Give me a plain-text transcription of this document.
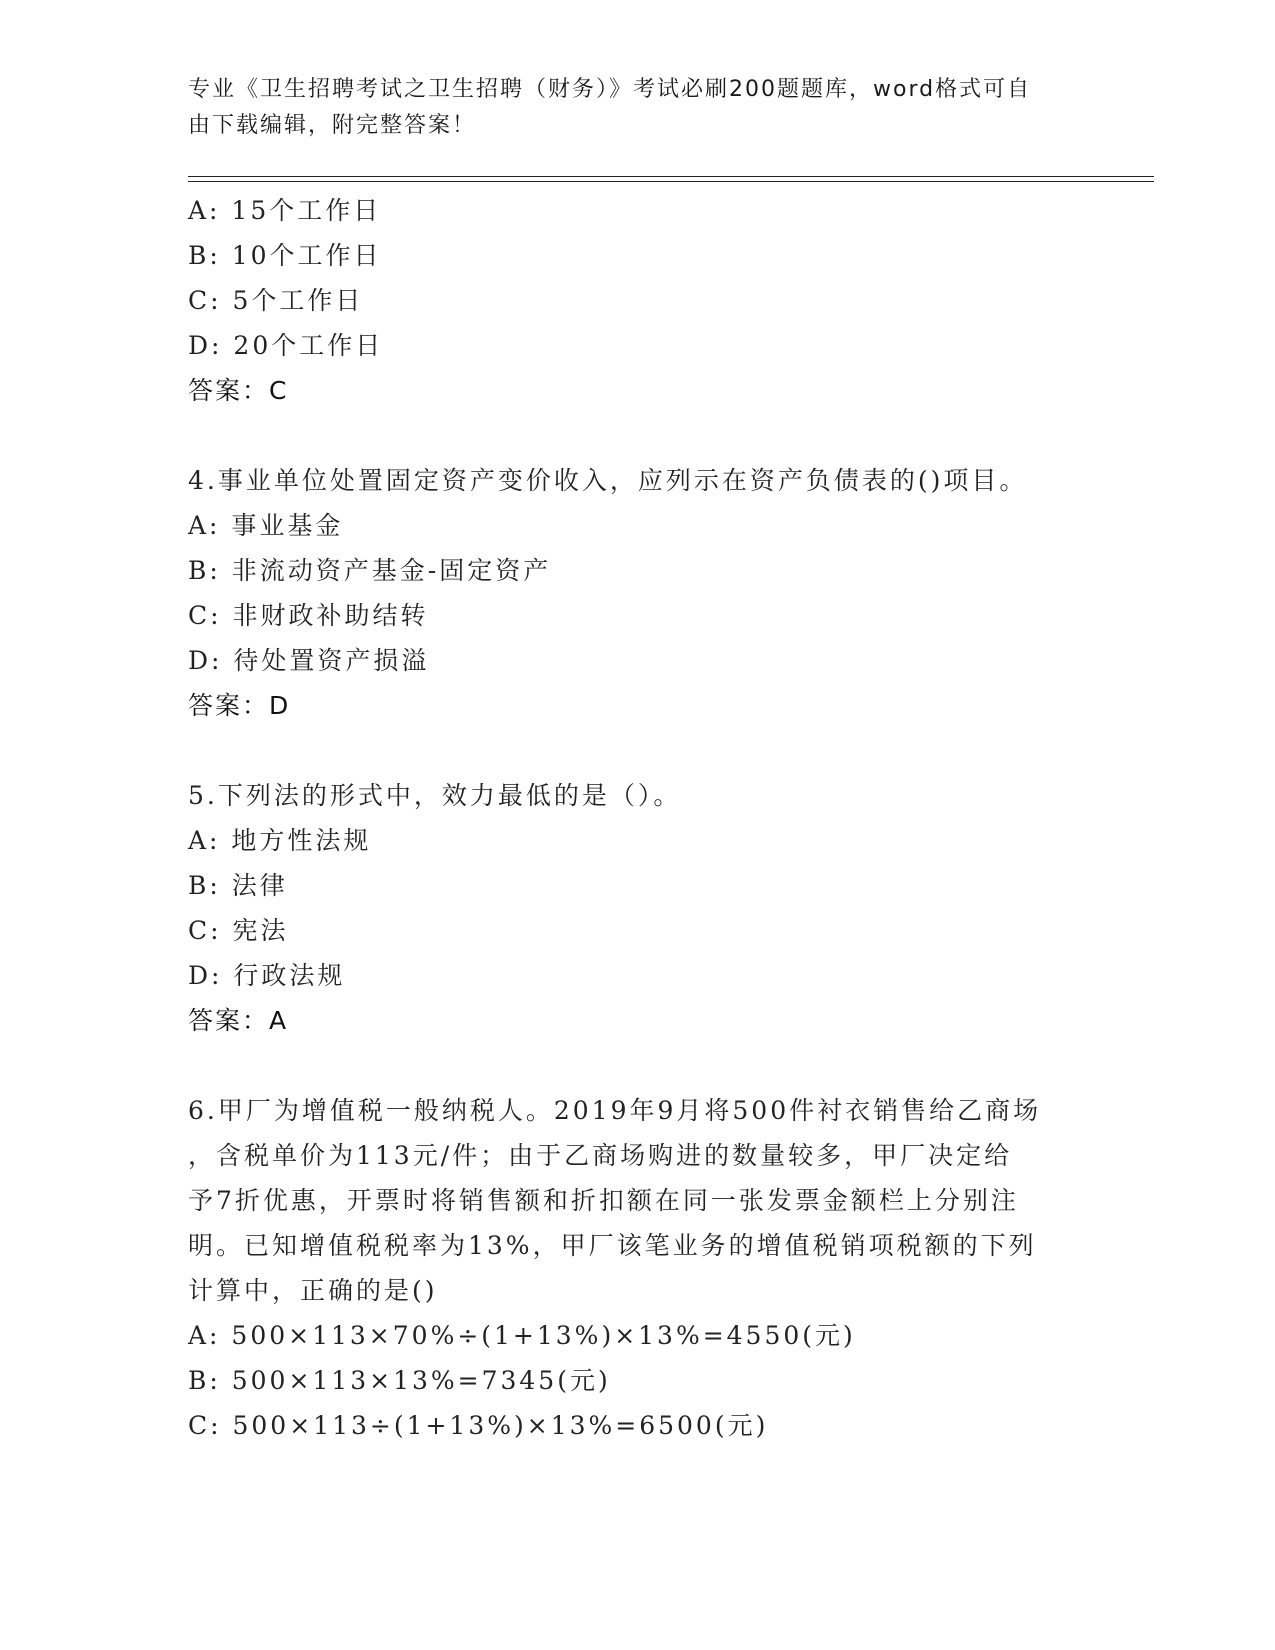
专业《卫生招聘考试之卫生招聘（财务）》考试必刷200题题库，word格式可自
由下载编辑，附完整答案！
A: 15个工作日
B: 10个工作日
C: 5个工作日
D: 20个工作日
答案：C
4.事业单位处置固定资产变价收入，应列示在资产负债表的()项目。
A: 事业基金
B: 非流动资产基金-固定资产
C: 非财政补助结转
D: 待处置资产损溢
答案：D
5.下列法的形式中，效力最低的是（）。
A: 地方性法规
B: 法律
C: 宪法
D: 行政法规
答案：A
6.甲厂为增值税一般纳税人。2019年9月将500件衬衣销售给乙商场
，含税单价为113元/件；由于乙商场购进的数量较多，甲厂决定给
予7折优惠，开票时将销售额和折扣额在同一张发票金额栏上分别注
明。已知增值税税率为13%，甲厂该笔业务的增值税销项税额的下列
计算中，正确的是()
A: 500×113×70%÷(1+13%)×13%=4550(元)
B: 500×113×13%=7345(元)
C: 500×113÷(1+13%)×13%=6500(元)
